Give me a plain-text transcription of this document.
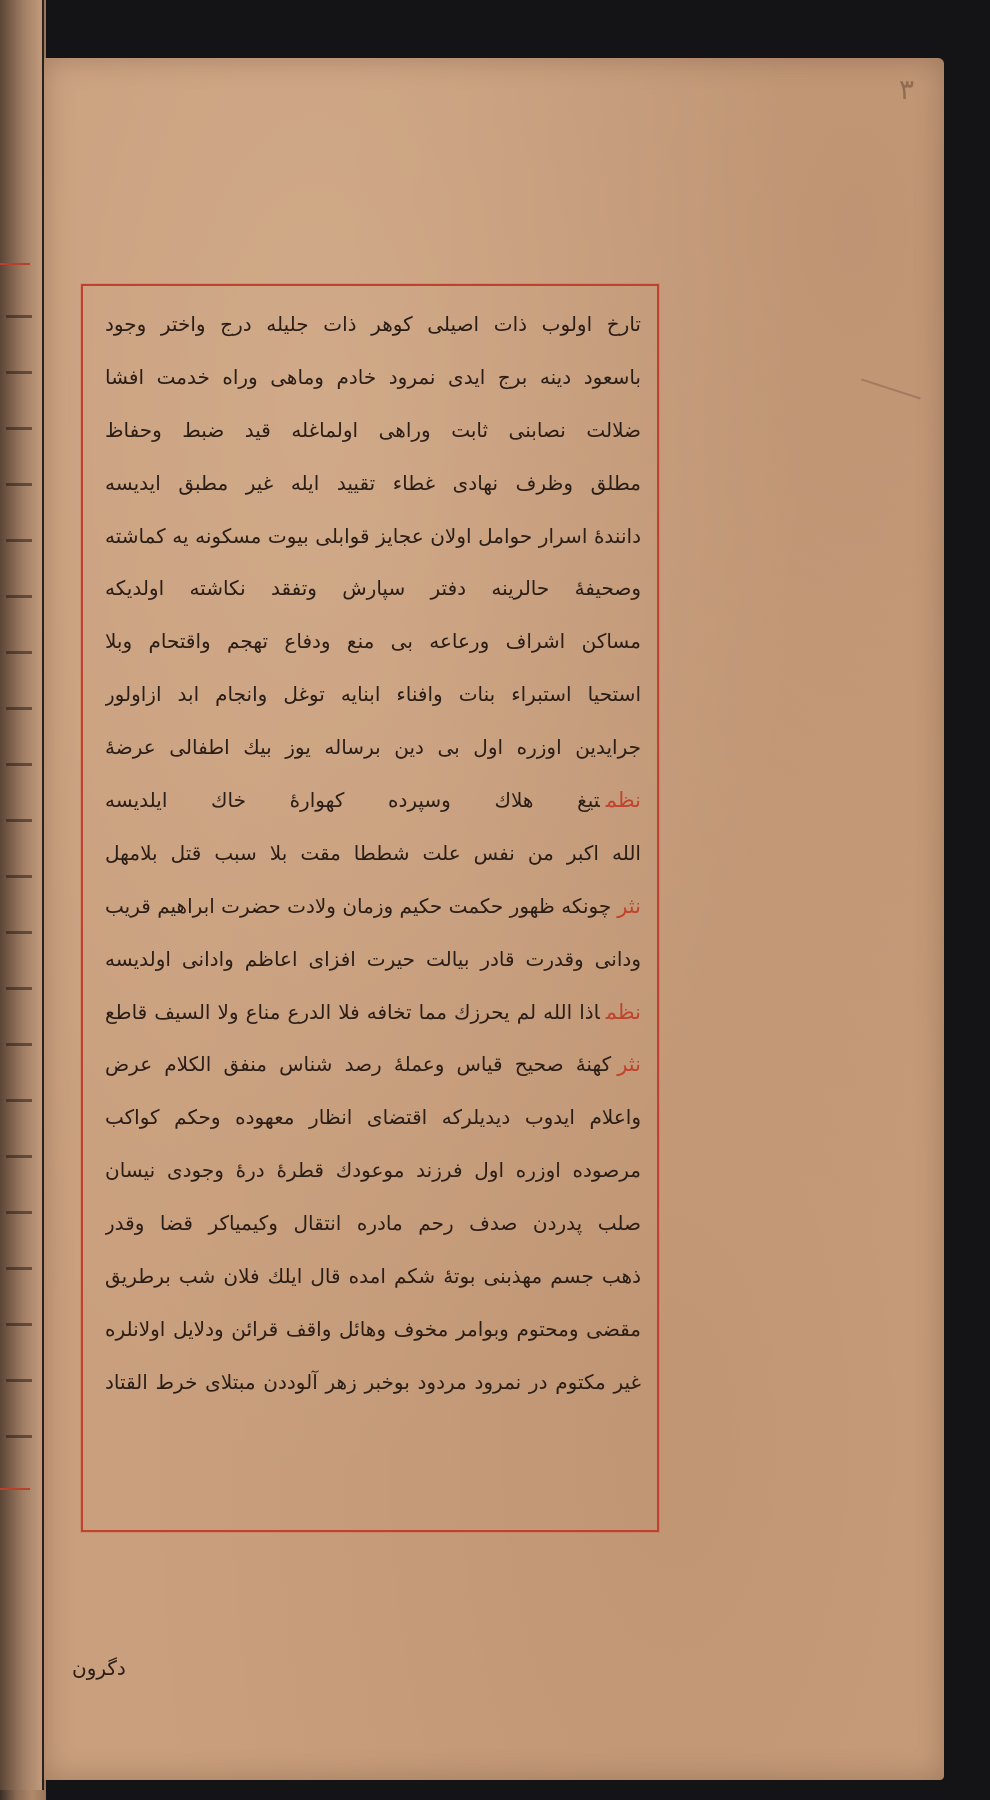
٣
تارخ اولوب ذات اصیلی کوهر ذات جلیله درج واختر وجود
باسعود دینه برج ایدی نمرود خادم وماهی وراه خدمت افشا
ضلالت نصابنی ثابت وراهی اولماغله قید ضبط وحفاظ
مطلق وظرف نهادی غطاء تقیید ایله غیر مطبق ایدیسه
دانندهٔ اسرار حوامل اولان عجایز قوابلی بیوت مسکونه یه کماشته
وصحیفهٔ حالرینه دفتر سپارش وتفقد نکاشته اولدیکه
مساکن اشراف ورعاعه بی منع ودفاع تهجم واقتحام وبلا
استحیا استبراء بنات وافناء ابنایه توغل وانجام ابد ازاولور
جرایدین اوزره اول بی دین برساله یوز بیك اطفالی عرضهٔ
نظمتیغ هلاك وسپرده کهوارهٔ خاك ایلدیسه
الله اکبر من نفس علت شططا مقت بلا سبب قتل بلامهل
نثرچونکه ظهور حکمت حکیم وزمان ولادت حضرت ابراهیم قریب
ودانی وقدرت قادر بیالت حیرت افزای اعاظم وادانی اولدیسه
نظماذا الله لم یحرزك مما تخافه فلا الدرع مناع ولا السیف قاطع
نثرکهنهٔ صحیح قیاس وعملهٔ رصد شناس منفق الکلام عرض
واعلام ایدوب دیدیلرکه اقتضای انظار معهوده وحکم کواکب
مرصوده اوزره اول فرزند موعودك قطرهٔ درهٔ وجودی نیسان
صلب پدردن صدف رحم مادره انتقال وکیمیاکر قضا وقدر
ذهب جسم مهذبنی بوتهٔ شکم امده قال ایلك فلان شب برطریق
مقضی ومحتوم وبوامر مخوف وهائل واقف قرائن ودلایل اولانلره
غیر مکتوم در نمرود مردود بوخبر زهر آلوددن مبتلای خرط القتاد
دگرون
